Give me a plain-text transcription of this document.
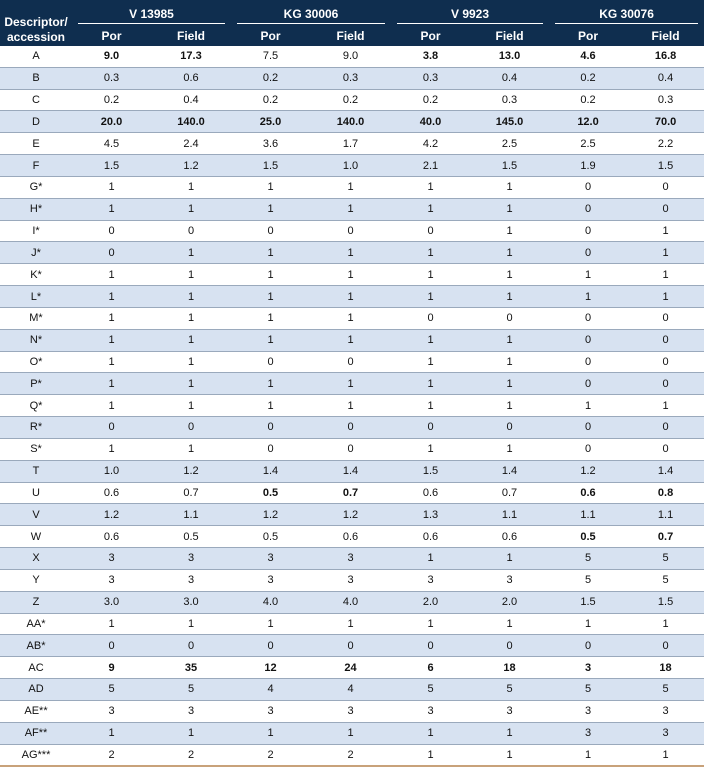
Descriptor/ accession	V 13985		KG 30006		V 9923		KG 30076	

	Por	Field	Por	Field	Por	Field	Por	Field
A	9.0	17.3	7.5	9.0	3.8	13.0	4.6	16.8
B	0.3	0.6	0.2	0.3	0.3	0.4	0.2	0.4
C	0.2	0.4	0.2	0.2	0.2	0.3	0.2	0.3
D	20.0	140.0	25.0	140.0	40.0	145.0	12.0	70.0
E	4.5	2.4	3.6	1.7	4.2	2.5	2.5	2.2
F	1.5	1.2	1.5	1.0	2.1	1.5	1.9	1.5
G*	1	1	1	1	1	1	0	0
H*	1	1	1	1	1	1	0	0
I*	0	0	0	0	0	1	0	1
J*	0	1	1	1	1	1	0	1
K*	1	1	1	1	1	1	1	1
L*	1	1	1	1	1	1	1	1
M*	1	1	1	1	0	0	0	0
N*	1	1	1	1	1	1	0	0
O*	1	1	0	0	1	1	0	0
P*	1	1	1	1	1	1	0	0
Q*	1	1	1	1	1	1	1	1
R*	0	0	0	0	0	0	0	0
S*	1	1	0	0	1	1	0	0
T	1.0	1.2	1.4	1.4	1.5	1.4	1.2	1.4
U	0.6	0.7	0.5	0.7	0.6	0.7	0.6	0.8
V	1.2	1.1	1.2	1.2	1.3	1.1	1.1	1.1
W	0.6	0.5	0.5	0.6	0.6	0.6	0.5	0.7
X	3	3	3	3	1	1	5	5
Y	3	3	3	3	3	3	5	5
Z	3.0	3.0	4.0	4.0	2.0	2.0	1.5	1.5
AA*	1	1	1	1	1	1	1	1
AB*	0	0	0	0	0	0	0	0
AC	9	35	12	24	6	18	3	18
AD	5	5	4	4	5	5	5	5
AE**	3	3	3	3	3	3	3	3
AF**	1	1	1	1	1	1	3	3
AG***	2	2	2	2	1	1	1	1
